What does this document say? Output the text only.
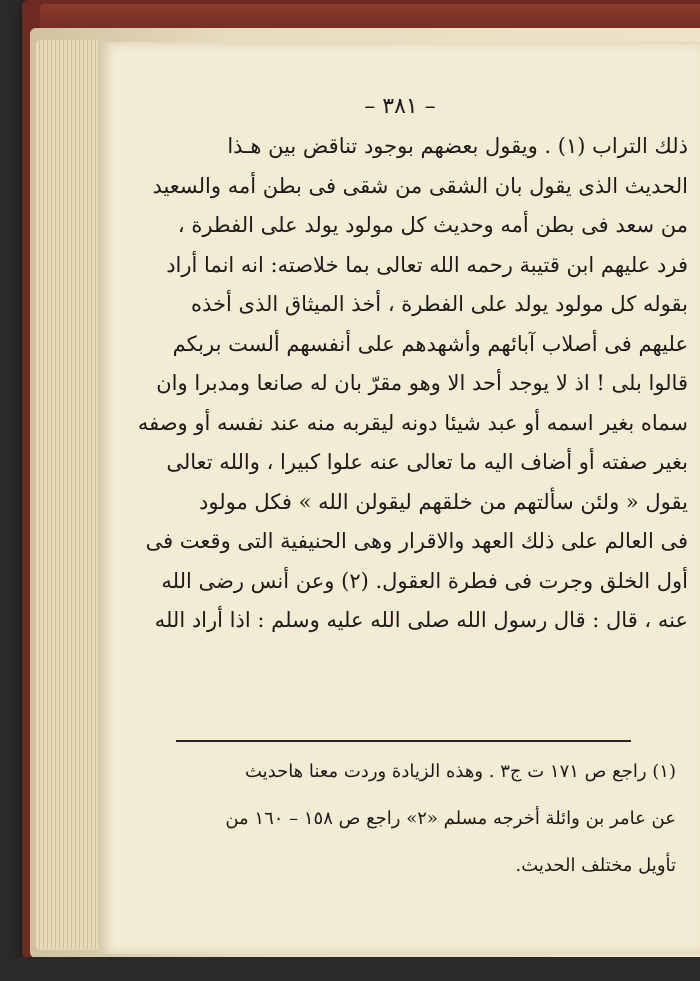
– ٣٨١ –
ذلك التراب (١) . ويقول بعضهم بوجود تناقض بين هـذا
الحديث الذى يقول بان الشقى من شقى فى بطن أمه والسعيد
من سعد فى بطن أمه وحديث كل مولود يولد على الفطرة ،
فرد عليهم ابن قتيبة رحمه الله تعالى بما خلاصته: انه انما أراد
بقوله كل مولود يولد على الفطرة ، أخذ الميثاق الذى أخذه
عليهم فى أصلاب آبائهم وأشهدهم على أنفسهم ألست بربكم
قالوا بلى ! اذ لا يوجد أحد الا وهو مقرّ بان له صانعا ومدبرا وان
سماه بغير اسمه أو عبد شيئا دونه ليقربه منه عند نفسه أو وصفه
بغير صفته أو أضاف اليه ما تعالى عنه علوا كبيرا ، والله تعالى
يقول « ولئن سألتهم من خلقهم ليقولن الله » فكل مولود
فى العالم على ذلك العهد والاقرار وهى الحنيفية التى وقعت فى
أول الخلق وجرت فى فطرة العقول. (٢) وعن أنس رضى الله
عنه ، قال : قال رسول الله صلى الله عليه وسلم : اذا أراد الله
(١) راجع ص ١٧١ ت ج٣ . وهذه الزيادة وردت معنا هاحديث
عن عامر بن وائلة أخرجه مسلم «٢» راجع ص ١٥٨ – ١٦٠ من
تأويل مختلف الحديث.
